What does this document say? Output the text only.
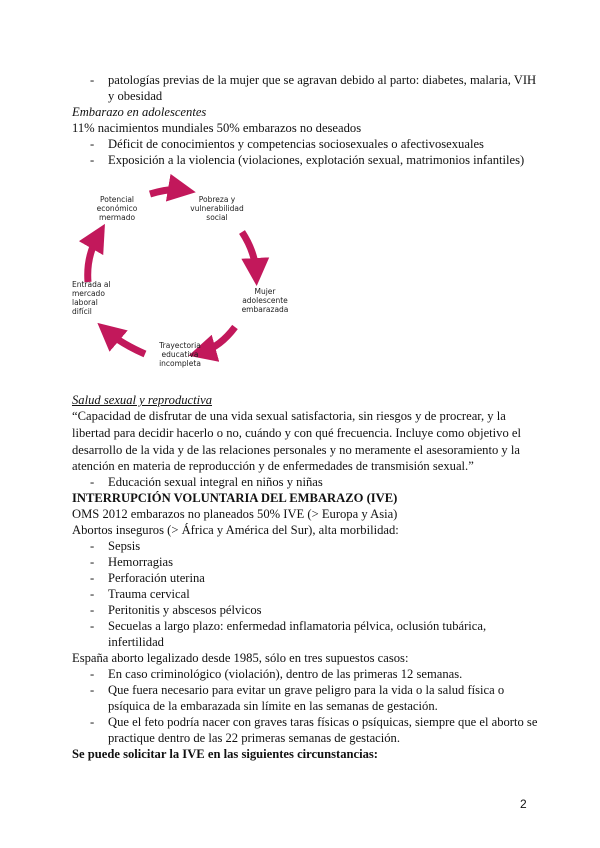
- patologías previas de la mujer que se agravan debido al parto: diabetes, malaria, VIH
y obesidad
Embarazo en adolescentes
11% nacimientos mundiales 50% embarazos no deseados
- Déficit de conocimientos y competencias sociosexuales o afectivosexuales
- Exposición a la violencia (violaciones, explotación sexual, matrimonios infantiles)
Potencial económico mermado
Pobreza y vulnerabilidad social
Mujer adolescente embarazada
Trayectoria educativa incompleta
Entrada al mercado laboral difícil
Salud sexual y reproductiva
“Capacidad de disfrutar de una vida sexual satisfactoria, sin riesgos y de procrear, y la
libertad para decidir hacerlo o no, cuándo y con qué frecuencia. Incluye como objetivo el
desarrollo de la vida y de las relaciones personales y no meramente el asesoramiento y la
atención en materia de reproducción y de enfermedades de transmisión sexual.”
- Educación sexual integral en niños y niñas
INTERRUPCIÓN VOLUNTARIA DEL EMBARAZO (IVE)
OMS 2012 embarazos no planeados 50% IVE (> Europa y Asia)
Abortos inseguros (> África y América del Sur), alta morbilidad:
- Sepsis
- Hemorragias
- Perforación uterina
- Trauma cervical
- Peritonitis y abscesos pélvicos
- Secuelas a largo plazo: enfermedad inflamatoria pélvica, oclusión tubárica,
infertilidad
España aborto legalizado desde 1985, sólo en tres supuestos casos:
- En caso criminológico (violación), dentro de las primeras 12 semanas.
- Que fuera necesario para evitar un grave peligro para la vida o la salud física o
psíquica de la embarazada sin límite en las semanas de gestación.
- Que el feto podría nacer con graves taras físicas o psíquicas, siempre que el aborto se
practique dentro de las 22 primeras semanas de gestación.
Se puede solicitar la IVE en las siguientes circunstancias:
2
